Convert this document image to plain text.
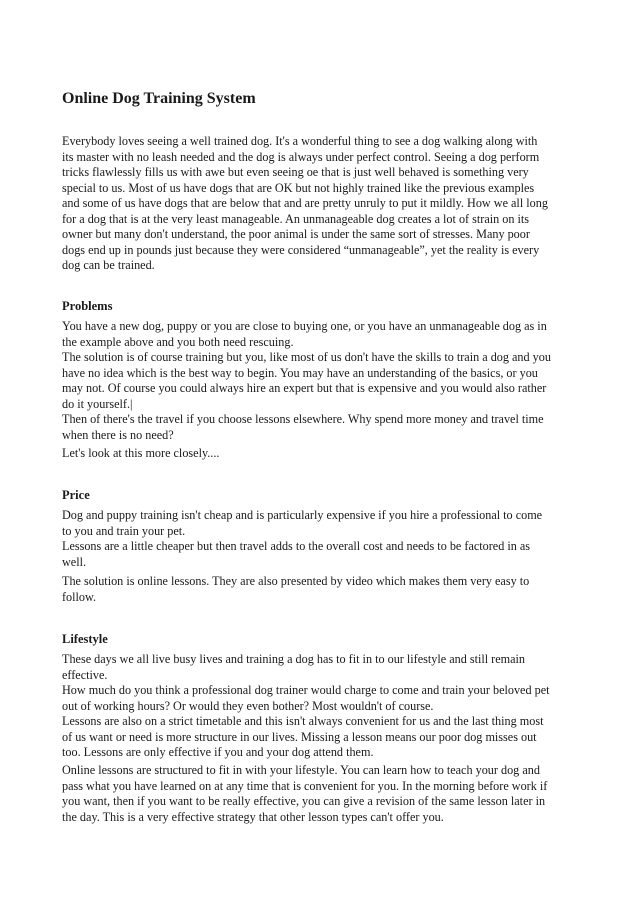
Online Dog Training System
Everybody loves seeing a well trained dog. It's a wonderful thing to see a dog walking along with
its master with no leash needed and the dog is always under perfect control. Seeing a dog perform
tricks flawlessly fills us with awe but even seeing oe that is just well behaved is something very
special to us. Most of us have dogs that are OK but not highly trained like the previous examples
and some of us have dogs that are below that and are pretty unruly to put it mildly. How we all long
for a dog that is at the very least manageable. An unmanageable dog creates a lot of strain on its
owner but many don't understand, the poor animal is under the same sort of stresses. Many poor
dogs end up in pounds just because they were considered “unmanageable”, yet the reality is every
dog can be trained.
Problems
You have a new dog, puppy or you are close to buying one, or you have an unmanageable dog as in
the example above and you both need rescuing.
The solution is of course training but you, like most of us don't have the skills to train a dog and you
have no idea which is the best way to begin. You may have an understanding of the basics, or you
may not. Of course you could always hire an expert but that is expensive and you would also rather
do it yourself.|
Then of there's the travel if you choose lessons elsewhere. Why spend more money and travel time
when there is no need?
Let's look at this more closely....
Price
Dog and puppy training isn't cheap and is particularly expensive if you hire a professional to come
to you and train your pet.
Lessons are a little cheaper but then travel adds to the overall cost and needs to be factored in as
well.
The solution is online lessons. They are also presented by video which makes them very easy to
follow.
Lifestyle
These days we all live busy lives and training a dog has to fit in to our lifestyle and still remain
effective.
How much do you think a professional dog trainer would charge to come and train your beloved pet
out of working hours? Or would they even bother? Most wouldn't of course.
Lessons are also on a strict timetable and this isn't always convenient for us and the last thing most
of us want or need is more structure in our lives. Missing a lesson means our poor dog misses out
too. Lessons are only effective if you and your dog attend them.
Online lessons are structured to fit in with your lifestyle. You can learn how to teach your dog and
pass what you have learned on at any time that is convenient for you. In the morning before work if
you want, then if you want to be really effective, you can give a revision of the same lesson later in
the day. This is a very effective strategy that other lesson types can't offer you.
